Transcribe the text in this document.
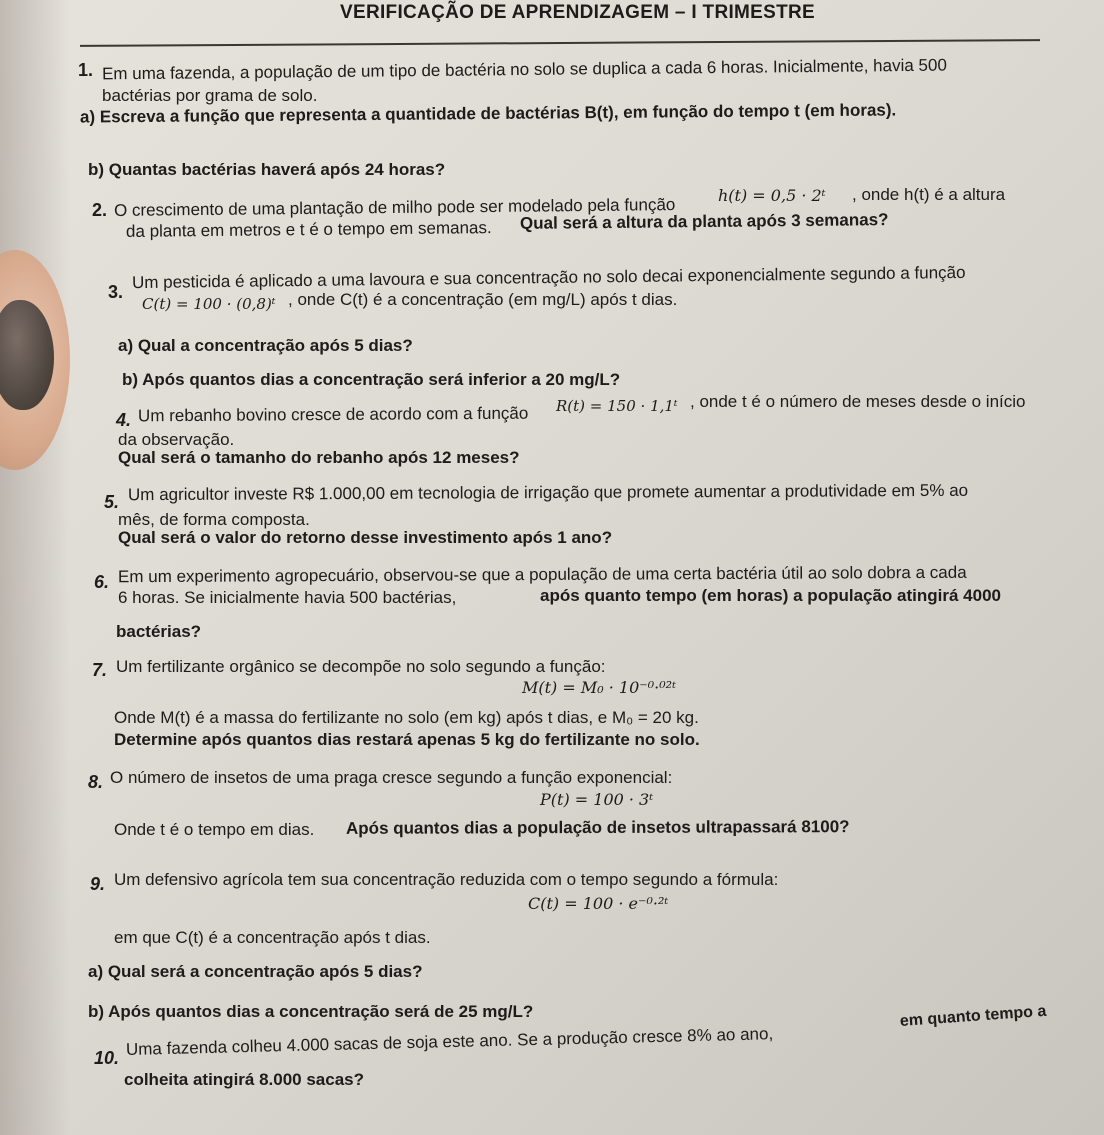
VERIFICAÇÃO DE APRENDIZAGEM – I TRIMESTRE
1. Em uma fazenda, a população de um tipo de bactéria no solo se duplica a cada 6 horas. Inicialmente, havia 500
bactérias por grama de solo.
a) Escreva a função que representa a quantidade de bactérias B(t), em função do tempo t (em horas).
b) Quantas bactérias haverá após 24 horas?
2. O crescimento de uma plantação de milho pode ser modelado pela função	h(t) = 0,5 · 2ᵗ , onde h(t) é a altura
da planta em metros e t é o tempo em semanas. Qual será a altura da planta após 3 semanas?
3. Um pesticida é aplicado a uma lavoura e sua concentração no solo decai exponencialmente segundo a função
C(t) = 100 · (0,8)ᵗ , onde C(t) é a concentração (em mg/L) após t dias.
a) Qual a concentração após 5 dias?
b) Após quantos dias a concentração será inferior a 20 mg/L?
4. Um rebanho bovino cresce de acordo com a função R(t) = 150 · 1,1ᵗ , onde t é o número de meses desde o início
da observação.
Qual será o tamanho do rebanho após 12 meses?
5. Um agricultor investe R$ 1.000,00 em tecnologia de irrigação que promete aumentar a produtividade em 5% ao
mês, de forma composta.
Qual será o valor do retorno desse investimento após 1 ano?
6. Em um experimento agropecuário, observou-se que a população de uma certa bactéria útil ao solo dobra a cada
6 horas. Se inicialmente havia 500 bactérias,	após quanto tempo (em horas) a população atingirá 4000
bactérias?
7. Um fertilizante orgânico se decompõe no solo segundo a função:
M(t) = M₀ · 10⁻⁰·⁰²ᵗ
Onde M(t) é a massa do fertilizante no solo (em kg) após t dias, e M₀ = 20 kg.
Determine após quantos dias restará apenas 5 kg do fertilizante no solo.
8. O número de insetos de uma praga cresce segundo a função exponencial:
P(t) = 100 · 3ᵗ
Onde t é o tempo em dias. Após quantos dias a população de insetos ultrapassará 8100?
9. Um defensivo agrícola tem sua concentração reduzida com o tempo segundo a fórmula:
C(t) = 100 · e⁻⁰·²ᵗ
em que C(t) é a concentração após t dias.
a) Qual será a concentração após 5 dias?
b) Após quantos dias a concentração será de 25 mg/L?
10. Uma fazenda colheu 4.000 sacas de soja este ano. Se a produção cresce 8% ao ano,
em quanto tempo a
colheita atingirá 8.000 sacas?
